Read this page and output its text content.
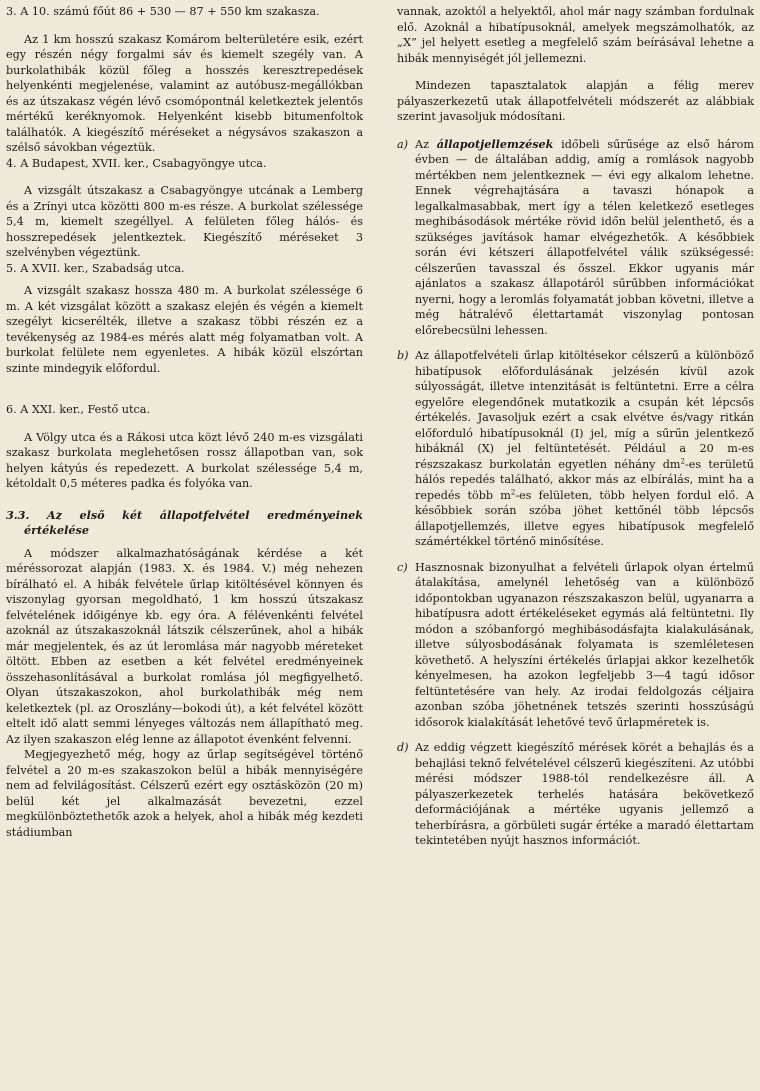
3. A 10. számú főút 86 + 530 — 87 + 550 km szakasza.

Az 1 km hosszú szakasz Komárom belterületére esik, ezért egy részén négy forgalmi sáv és kiemelt szegély van. A burkolathibák közül főleg a hosszés keresztrepedések helyenkénti megjelenése, valamint az autóbusz-megállókban és az útszakasz végén lévő csomópontnál keletkeztek jelentős mértékű keréknyomok. Helyenként kisebb bitumenfoltok találhatók. A kiegészítő méréseket a négysávos szakaszon a szélső sávokban végeztük.

4. A Budapest, XVII. ker., Csabagyöngye utca.

A vizsgált útszakasz a Csabagyöngye utcának a Lemberg és a Zrínyi utca közötti 800 m-es része. A burkolat szélessége 5,4 m, kiemelt szegéllyel. A felületen főleg hálós- és hosszrepedések jelentkeztek. Kiegészítő méréseket 3 szelvényben végeztünk.

5. A XVII. ker., Szabadság utca.

A vizsgált szakasz hossza 480 m. A burkolat szélessége 6 m. A két vizsgálat között a szakasz elején és végén a kiemelt szegélyt kicserélték, illetve a szakasz többi részén ez a tevékenység az 1984-es mérés alatt még folyamatban volt. A burkolat felülete nem egyenletes. A hibák közül elszórtan szinte mindegyik előfordul.

6. A XXI. ker., Festő utca.

A Völgy utca és a Rákosi utca közt lévő 240 m-es vizsgálati szakasz burkolata meglehetősen rossz állapotban van, sok helyen kátyús és repedezett. A burkolat szélessége 5,4 m, kétoldalt 0,5 méteres padka és folyóka van.

3.3. Az első két állapotfelvétel eredményeinek értékelése

A módszer alkalmazhatóságának kérdése a két méréssorozat alapján (1983. X. és 1984. V.) még nehezen bírálható el. A hibák felvétele űrlap kitöltésével könnyen és viszonylag gyorsan megoldható, 1 km hosszú útszakasz felvételének időigénye kb. egy óra. A félévenkénti felvétel azoknál az útszakaszoknál látszik célszerűnek, ahol a hibák már megjelentek, és az út leromlása már nagyobb méreteket öltött. Ebben az esetben a két felvétel eredményeinek összehasonlításával a burkolat romlása jól megfigyelhető. Olyan útszakaszokon, ahol burkolathibák még nem keletkeztek (pl. az Oroszlány—bokodi út), a két felvétel között eltelt idő alatt semmi lényeges változás nem állapítható meg. Az ilyen szakaszon elég lenne az állapotot évenként felvenni.

Megjegyezhető még, hogy az űrlap segítségével történő felvétel a 20 m-es szakaszokon belül a hibák mennyiségére nem ad felvilágosítást. Célszerű ezért egy osztásközön (20 m) belül két jel alkalmazását bevezetni, ezzel megkülönböztethetők azok a helyek, ahol a hibák még kezdeti stádiumban

vannak, azoktól a helyektől, ahol már nagy számban fordulnak elő. Azoknál a hibatípusoknál, amelyek megszámolhatók, az „X” jel helyett esetleg a megfelelő szám beírásával lehetne a hibák mennyiségét jól jellemezni.

Mindezen tapasztalatok alapján a félig merev pályaszerkezetű utak állapotfelvételi módszerét az alábbiak szerint javasoljuk módosítani.

a) Az állapotjellemzések időbeli sűrűsége az első három évben — de általában addig, amíg a romlások nagyobb mértékben nem jelentkeznek — évi egy alkalom lehetne. Ennek végrehajtására a tavaszi hónapok a legalkalmasabbak, mert így a télen keletkező esetleges meghibásodások mértéke rövid időn belül jelenthető, és a szükséges javítások hamar elvégezhetők. A későbbiek során évi kétszeri állapotfelvétel válik szükségessé: célszerűen tavasszal és ősszel. Ekkor ugyanis már ajánlatos a szakasz állapotáról sűrűbben információkat nyerni, hogy a leromlás folyamatát jobban követni, illetve a még hátralévő élettartamát viszonylag pontosan előrebecsülni lehessen.
b) Az állapotfelvételi űrlap kitöltésekor célszerű a különböző hibatípusok előfordulásának jelzésén kívül azok súlyosságát, illetve intenzitását is feltüntetni. Erre a célra egyelőre elegendőnek mutatkozik a csupán két lépcsős értékelés. Javasoljuk ezért a csak elvétve és/vagy ritkán előforduló hibatípusoknál (I) jel, míg a sűrűn jelentkező hibáknál (X) jel feltüntetését. Például a 20 m-es részszakasz burkolatán egyetlen néhány $dm^2-es$ területű hálós repedés található, akkor más az elbírálás, mint ha a repedés több $m^2-es$ felületen, több helyen fordul elő. A későbbiek során szóba jöhet kettőnél több lépcsős állapotjellemzés, illetve egyes hibatípusok megfelelő számértékkel történő minősítése.
c) Hasznosnak bizonyulhat a felvételi űrlapok olyan értelmű átalakítása, amelynél lehetőség van a különböző időpontokban ugyanazon részszakaszon belül, ugyanarra a hibatípusra adott értékeléseket egymás alá feltüntetni. Ily módon a szóbanforgó meghibásodásfajta kialakulásának, illetve súlyosbodásának folyamata is szemléletesen követhető. A helyszíni értékelés űrlapjai akkor kezelhetők kényelmesen, ha azokon legfeljebb 3—4 tagú idősor feltüntetésére van hely. Az irodai feldolgozás céljaira azonban szóba jöhetnének tetszés szerinti hosszúságú idősorok kialakítását lehetővé tevő űrlapméretek is.
d) Az eddig végzett kiegészítő mérések körét a behajlás és a behajlási teknő felvételével célszerű kiegészíteni. Az utóbbi mérési módszer 1988-tól rendelkezésre áll. A pályaszerkezetek terhelés hatására bekövetkező deformációjának a mértéke ugyanis jellemző a teherbírásra, a görbületi sugár értéke a maradó élettartam tekintetében nyújt hasznos információt.
